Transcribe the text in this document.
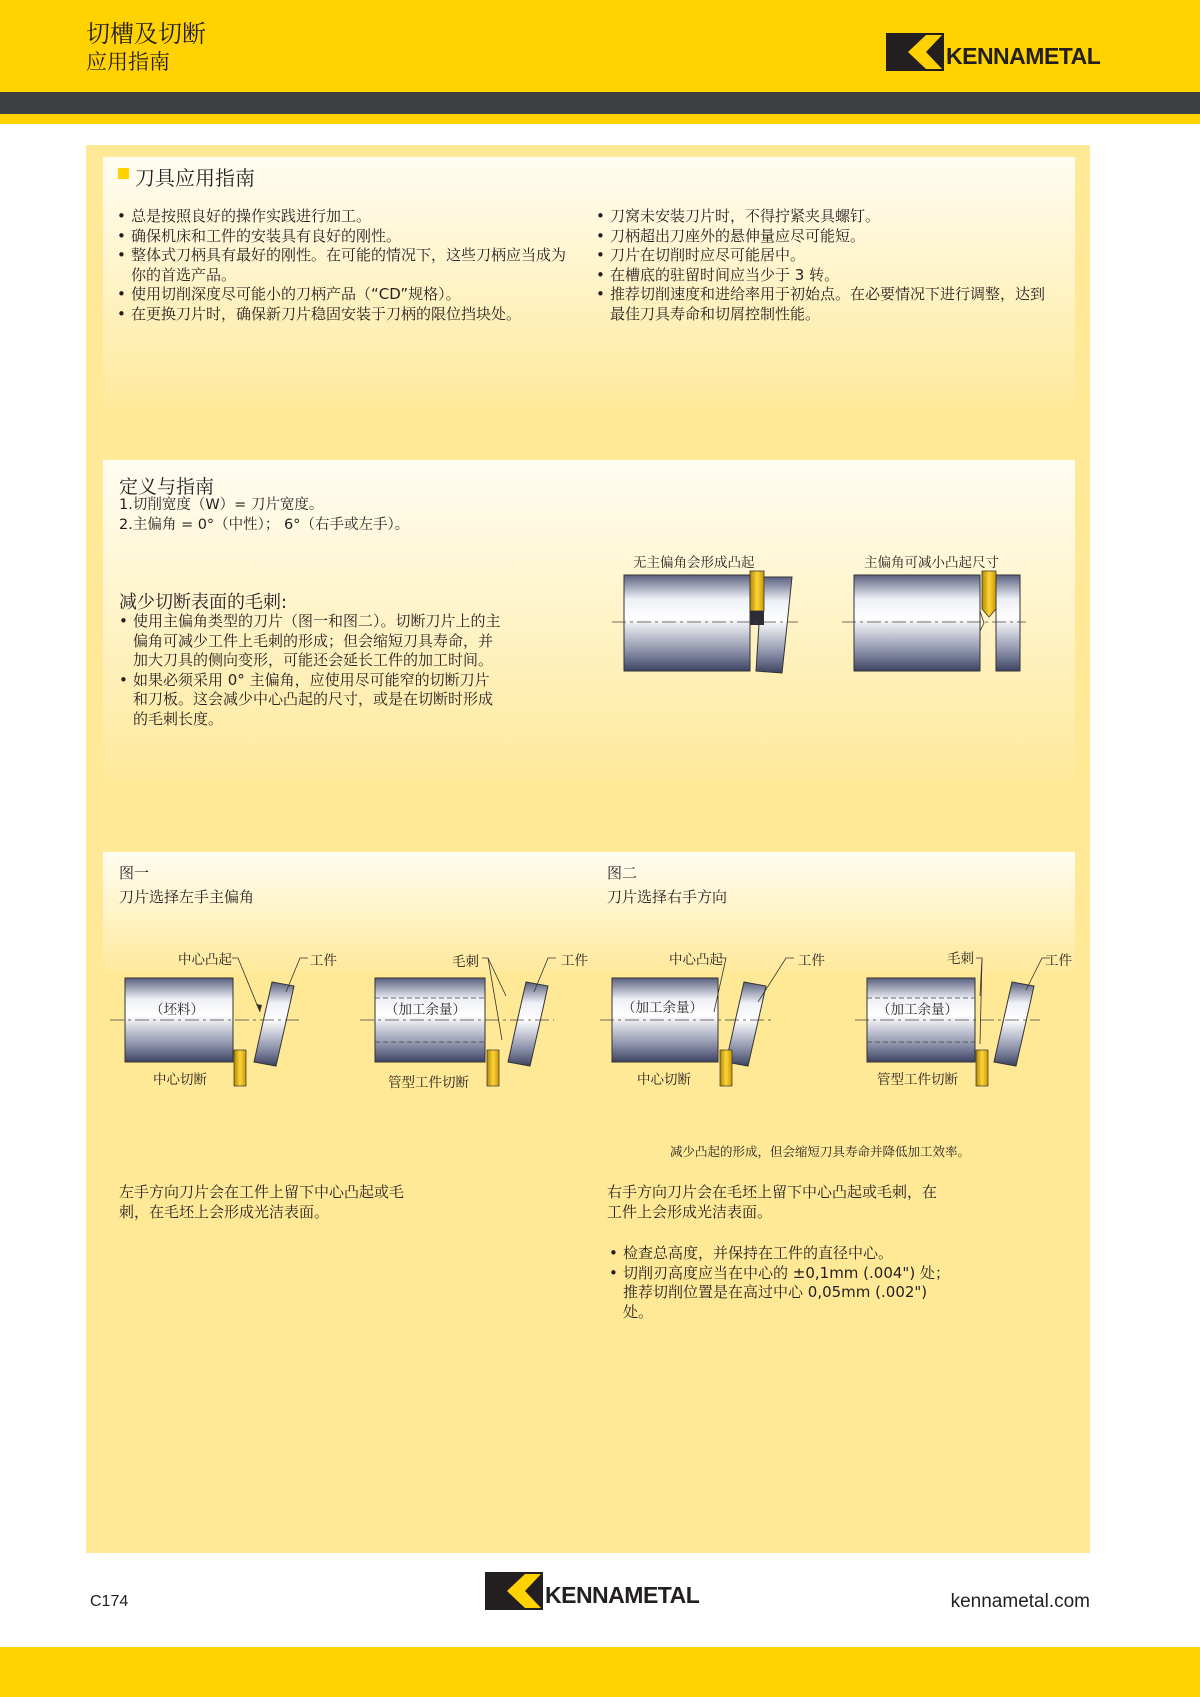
切槽及切断
应用指南	KENNAMETAL
刀具应用指南
• 总是按照良好的操作实践进行加工。
• 确保机床和工件的安装具有良好的刚性。
• 整体式刀柄具有最好的刚性。在可能的情况下，这些刀柄应当成为你的首选产品。
• 使用切削深度尽可能小的刀柄产品（“CD”规格）。
• 在更换刀片时，确保新刀片稳固安装于刀柄的限位挡块处。
• 刀窝未安装刀片时，不得拧紧夹具螺钉。
• 刀柄超出刀座外的悬伸量应尽可能短。
• 刀片在切削时应尽可能居中。
• 在槽底的驻留时间应当少于 3 转。
• 推荐切削速度和进给率用于初始点。在必要情况下进行调整，达到最佳刀具寿命和切屑控制性能。
定义与指南
1.切削宽度（W）= 刀片宽度。
2.主偏角 = 0°（中性）； 6°（右手或左手）。
减少切断表面的毛刺:
• 使用主偏角类型的刀片（图一和图二）。切断刀片上的主偏角可减少工件上毛刺的形成；但会缩短刀具寿命，并加大刀具的侧向变形，可能还会延长工件的加工时间。
• 如果必须采用 0° 主偏角，应使用尽可能窄的切断刀片和刀板。这会减少中心凸起的尺寸，或是在切断时形成的毛刺长度。
无主偏角会形成凸起	主偏角可减小凸起尺寸
图一
刀片选择左手主偏角
图二
刀片选择右手方向
中心凸起	工件
（坯料）
中心切断
毛刺	工件
（加工余量）
管型工件切断
中心凸起	工件
（加工余量）
中心切断
毛刺	工件
（加工余量）
管型工件切断
减少凸起的形成，但会缩短刀具寿命并降低加工效率。
左手方向刀片会在工件上留下中心凸起或毛刺，在毛坯上会形成光洁表面。
右手方向刀片会在毛坯上留下中心凸起或毛刺，在工件上会形成光洁表面。
• 检查总高度，并保持在工件的直径中心。
• 切削刃高度应当在中心的 ±0,1mm (.004") 处；推荐切削位置是在高过中心 0,05mm (.002") 处。
C174	KENNAMETAL	kennametal.com
